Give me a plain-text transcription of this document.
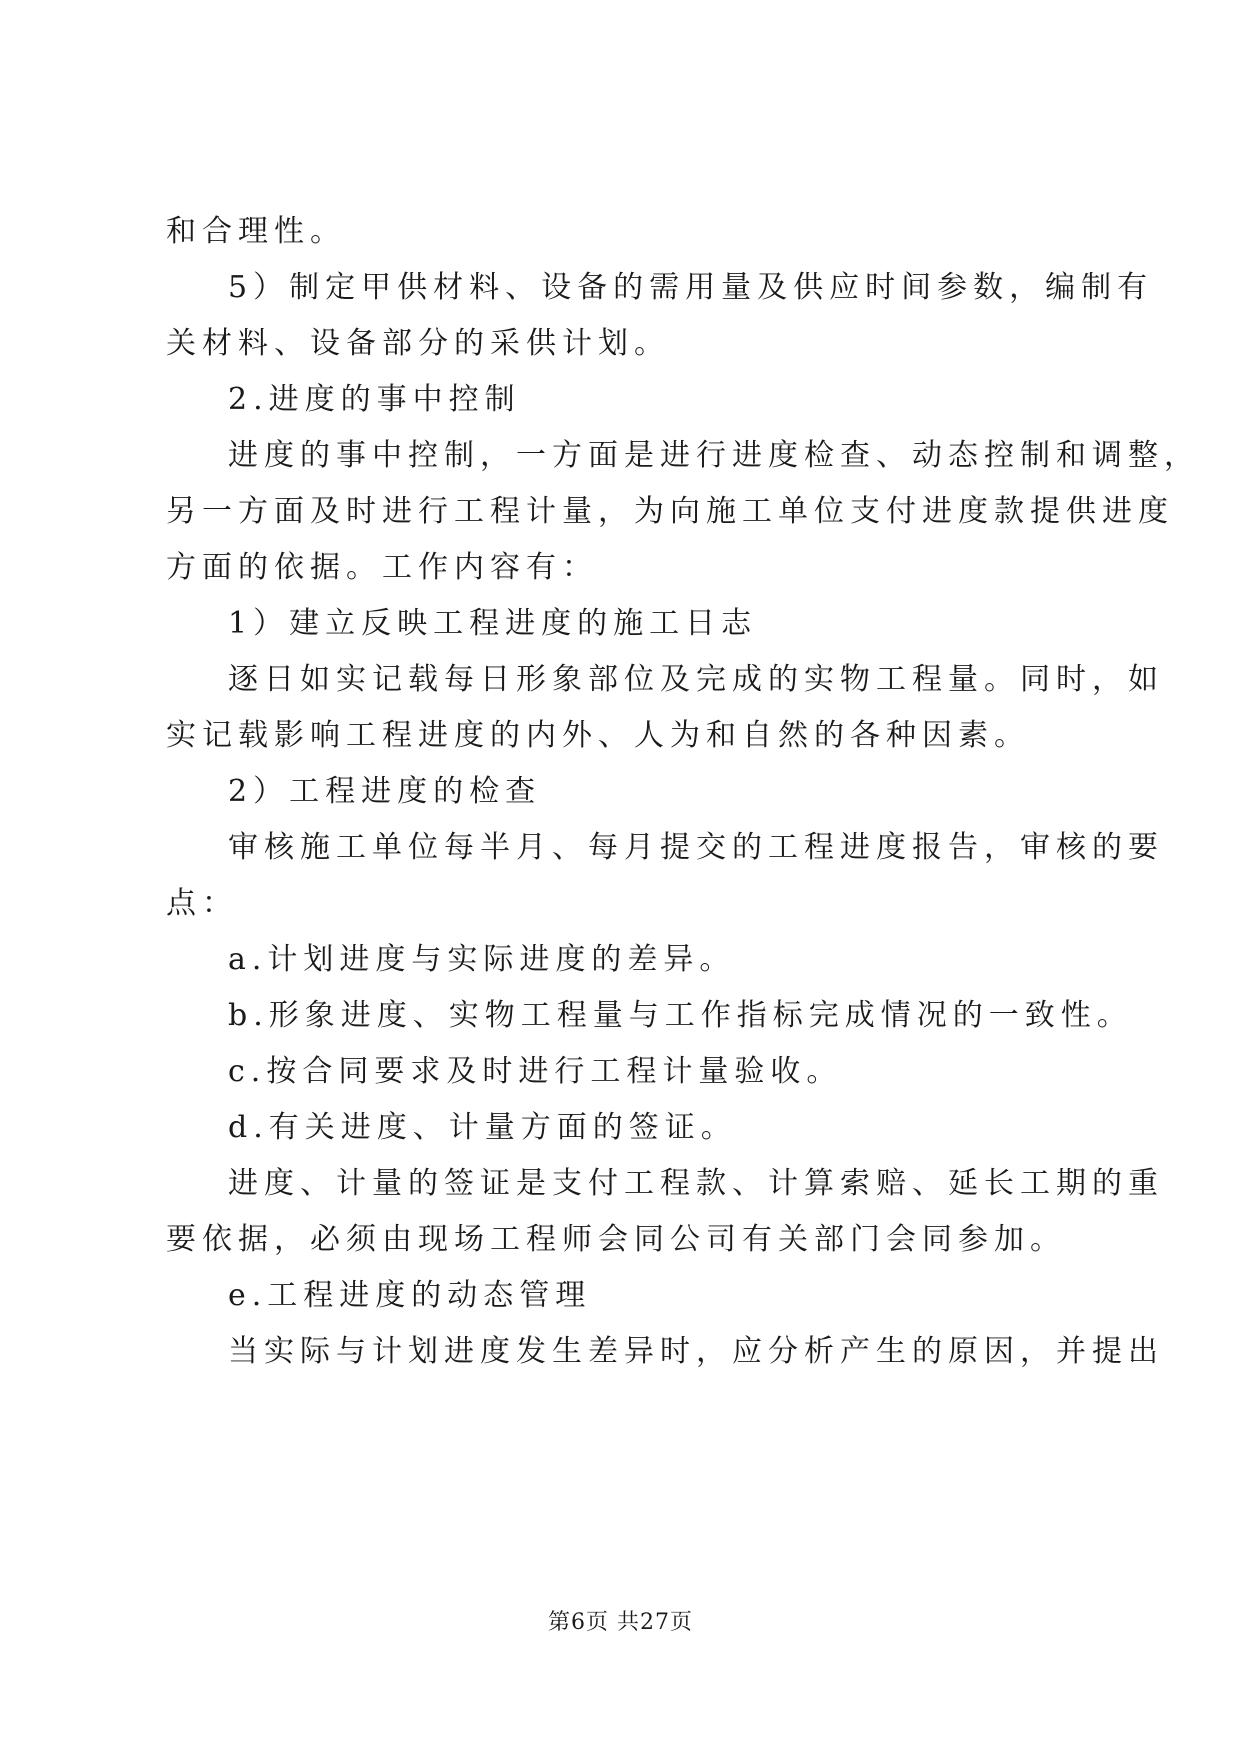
和合理性。

5）制定甲供材料、设备的需用量及供应时间参数，编制有

关材料、设备部分的采供计划。

2.进度的事中控制

进度的事中控制，一方面是进行进度检查、动态控制和调整，

另一方面及时进行工程计量，为向施工单位支付进度款提供进度

方面的依据。工作内容有：

1）建立反映工程进度的施工日志

逐日如实记载每日形象部位及完成的实物工程量。同时，如

实记载影响工程进度的内外、人为和自然的各种因素。

2）工程进度的检查

审核施工单位每半月、每月提交的工程进度报告，审核的要

点：

a.计划进度与实际进度的差异。

b.形象进度、实物工程量与工作指标完成情况的一致性。

c.按合同要求及时进行工程计量验收。

d.有关进度、计量方面的签证。

进度、计量的签证是支付工程款、计算索赔、延长工期的重

要依据，必须由现场工程师会同公司有关部门会同参加。

e.工程进度的动态管理

当实际与计划进度发生差异时，应分析产生的原因，并提出

第6页 共27页
